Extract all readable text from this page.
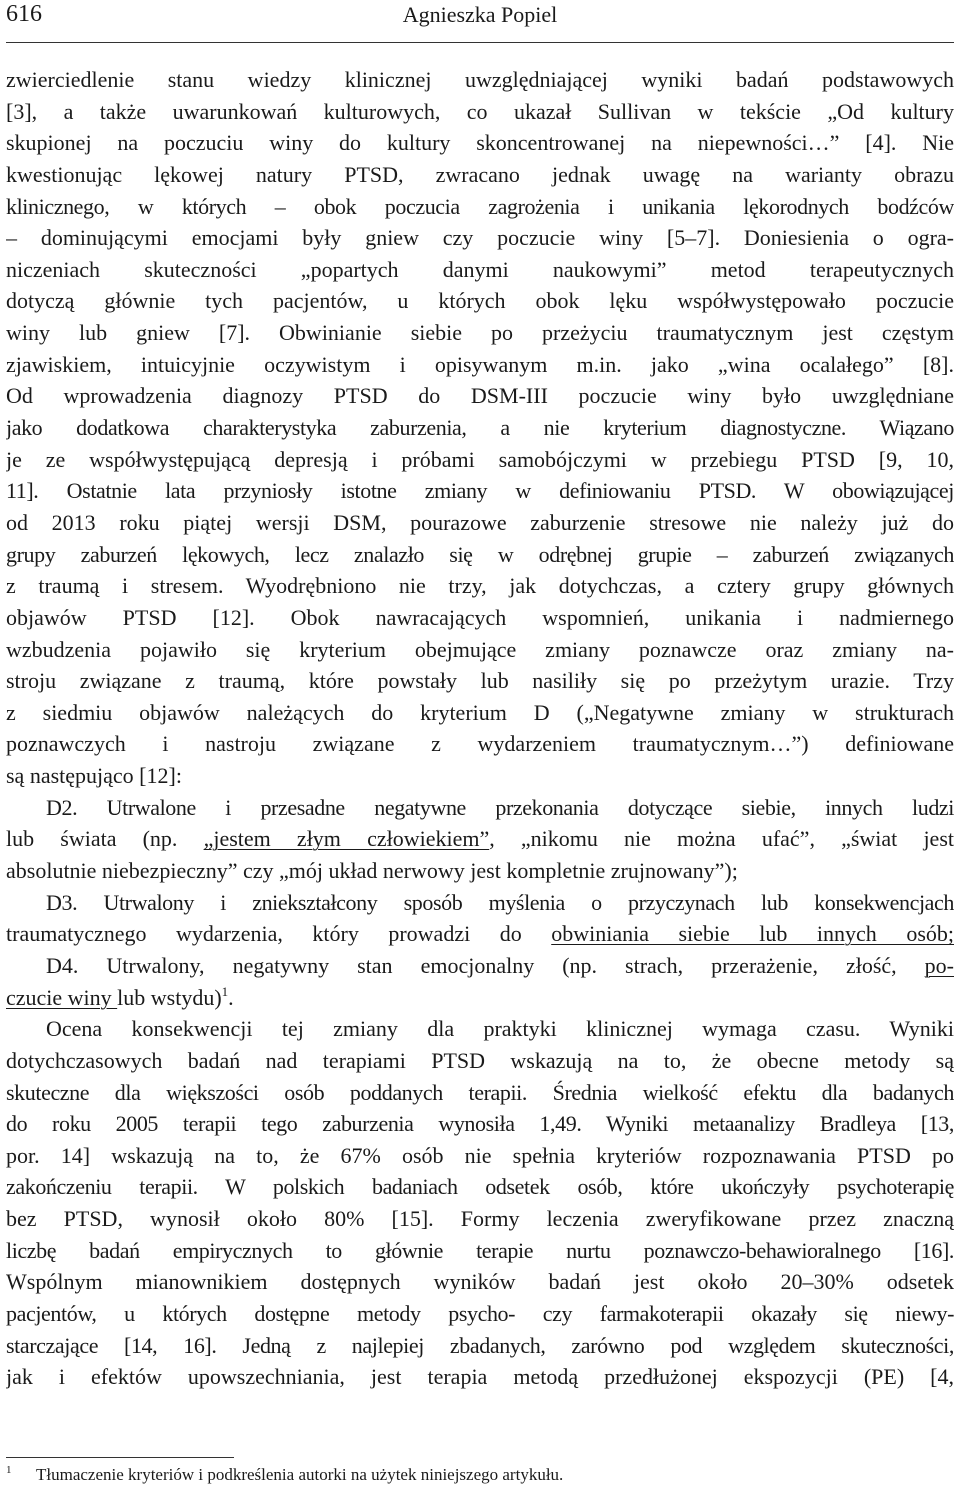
616	Agnieszka Popiel
zwierciedlenie stanu wiedzy klinicznej uwzględniającej wyniki badań podstawowych
[3], a także uwarunkowań kulturowych, co ukazał Sullivan w tekście „Od kultury
skupionej na poczuciu winy do kultury skoncentrowanej na niepewności…” [4]. Nie
kwestionując lękowej natury PTSD, zwracano jednak uwagę na warianty obrazu
klinicznego, w których – obok poczucia zagrożenia i unikania lękorodnych bodźców
– dominującymi emocjami były gniew czy poczucie winy [5–7]. Doniesienia o ogra-
niczeniach skuteczności „popartych danymi naukowymi” metod terapeutycznych
dotyczą głównie tych pacjentów, u których obok lęku współwystępowało poczucie
winy lub gniew [7]. Obwinianie siebie po przeżyciu traumatycznym jest częstym
zjawiskiem, intuicyjnie oczywistym i opisywanym m.in. jako „wina ocalałego” [8].
Od wprowadzenia diagnozy PTSD do DSM-III poczucie winy było uwzględniane
jako dodatkowa charakterystyka zaburzenia, a nie kryterium diagnostyczne. Wiązano
je ze współwystępującą depresją i próbami samobójczymi w przebiegu PTSD [9, 10,
11]. Ostatnie lata przyniosły istotne zmiany w definiowaniu PTSD. W obowiązującej
od 2013 roku piątej wersji DSM, pourazowe zaburzenie stresowe nie należy już do
grupy zaburzeń lękowych, lecz znalazło się w odrębnej grupie – zaburzeń związanych
z traumą i stresem. Wyodrębniono nie trzy, jak dotychczas, a cztery grupy głównych
objawów PTSD [12]. Obok nawracających wspomnień, unikania i nadmiernego
wzbudzenia pojawiło się kryterium obejmujące zmiany poznawcze oraz zmiany na-
stroju związane z traumą, które powstały lub nasiliły się po przeżytym urazie. Trzy
z siedmiu objawów należących do kryterium D („Negatywne zmiany w strukturach
poznawczych i nastroju związane z wydarzeniem traumatycznym…”) definiowane
są następująco [12]:
D2. Utrwalone i przesadne negatywne przekonania dotyczące siebie, innych ludzi
lub świata (np. „jestem złym człowiekiem”, „nikomu nie można ufać”, „świat jest
absolutnie niebezpieczny” czy „mój układ nerwowy jest kompletnie zrujnowany”);
D3. Utrwalony i zniekształcony sposób myślenia o przyczynach lub konsekwencjach
traumatycznego wydarzenia, który prowadzi do obwiniania siebie lub innych osób;
D4. Utrwalony, negatywny stan emocjonalny (np. strach, przerażenie, złość, po-
czucie winy lub wstydu)$^1$.
Ocena konsekwencji tej zmiany dla praktyki klinicznej wymaga czasu. Wyniki
dotychczasowych badań nad terapiami PTSD wskazują na to, że obecne metody są
skuteczne dla większości osób poddanych terapii. Średnia wielkość efektu dla badanych
do roku 2005 terapii tego zaburzenia wynosiła 1,49. Wyniki metaanalizy Bradleya [13,
por. 14] wskazują na to, że 67% osób nie spełnia kryteriów rozpoznawania PTSD po
zakończeniu terapii. W polskich badaniach odsetek osób, które ukończyły psychoterapię
bez PTSD, wynosił około 80% [15]. Formy leczenia zweryfikowane przez znaczną
liczbę badań empirycznych to głównie terapie nurtu poznawczo-behawioralnego [16].
Wspólnym mianownikiem dostępnych wyników badań jest około 20–30% odsetek
pacjentów, u których dostępne metody psycho- czy farmakoterapii okazały się niewy-
starczające [14, 16]. Jedną z najlepiej zbadanych, zarówno pod względem skuteczności,
jak i efektów upowszechniania, jest terapia metodą przedłużonej ekspozycji (PE) [4,
1 Tłumaczenie kryteriów i podkreślenia autorki na użytek niniejszego artykułu.
